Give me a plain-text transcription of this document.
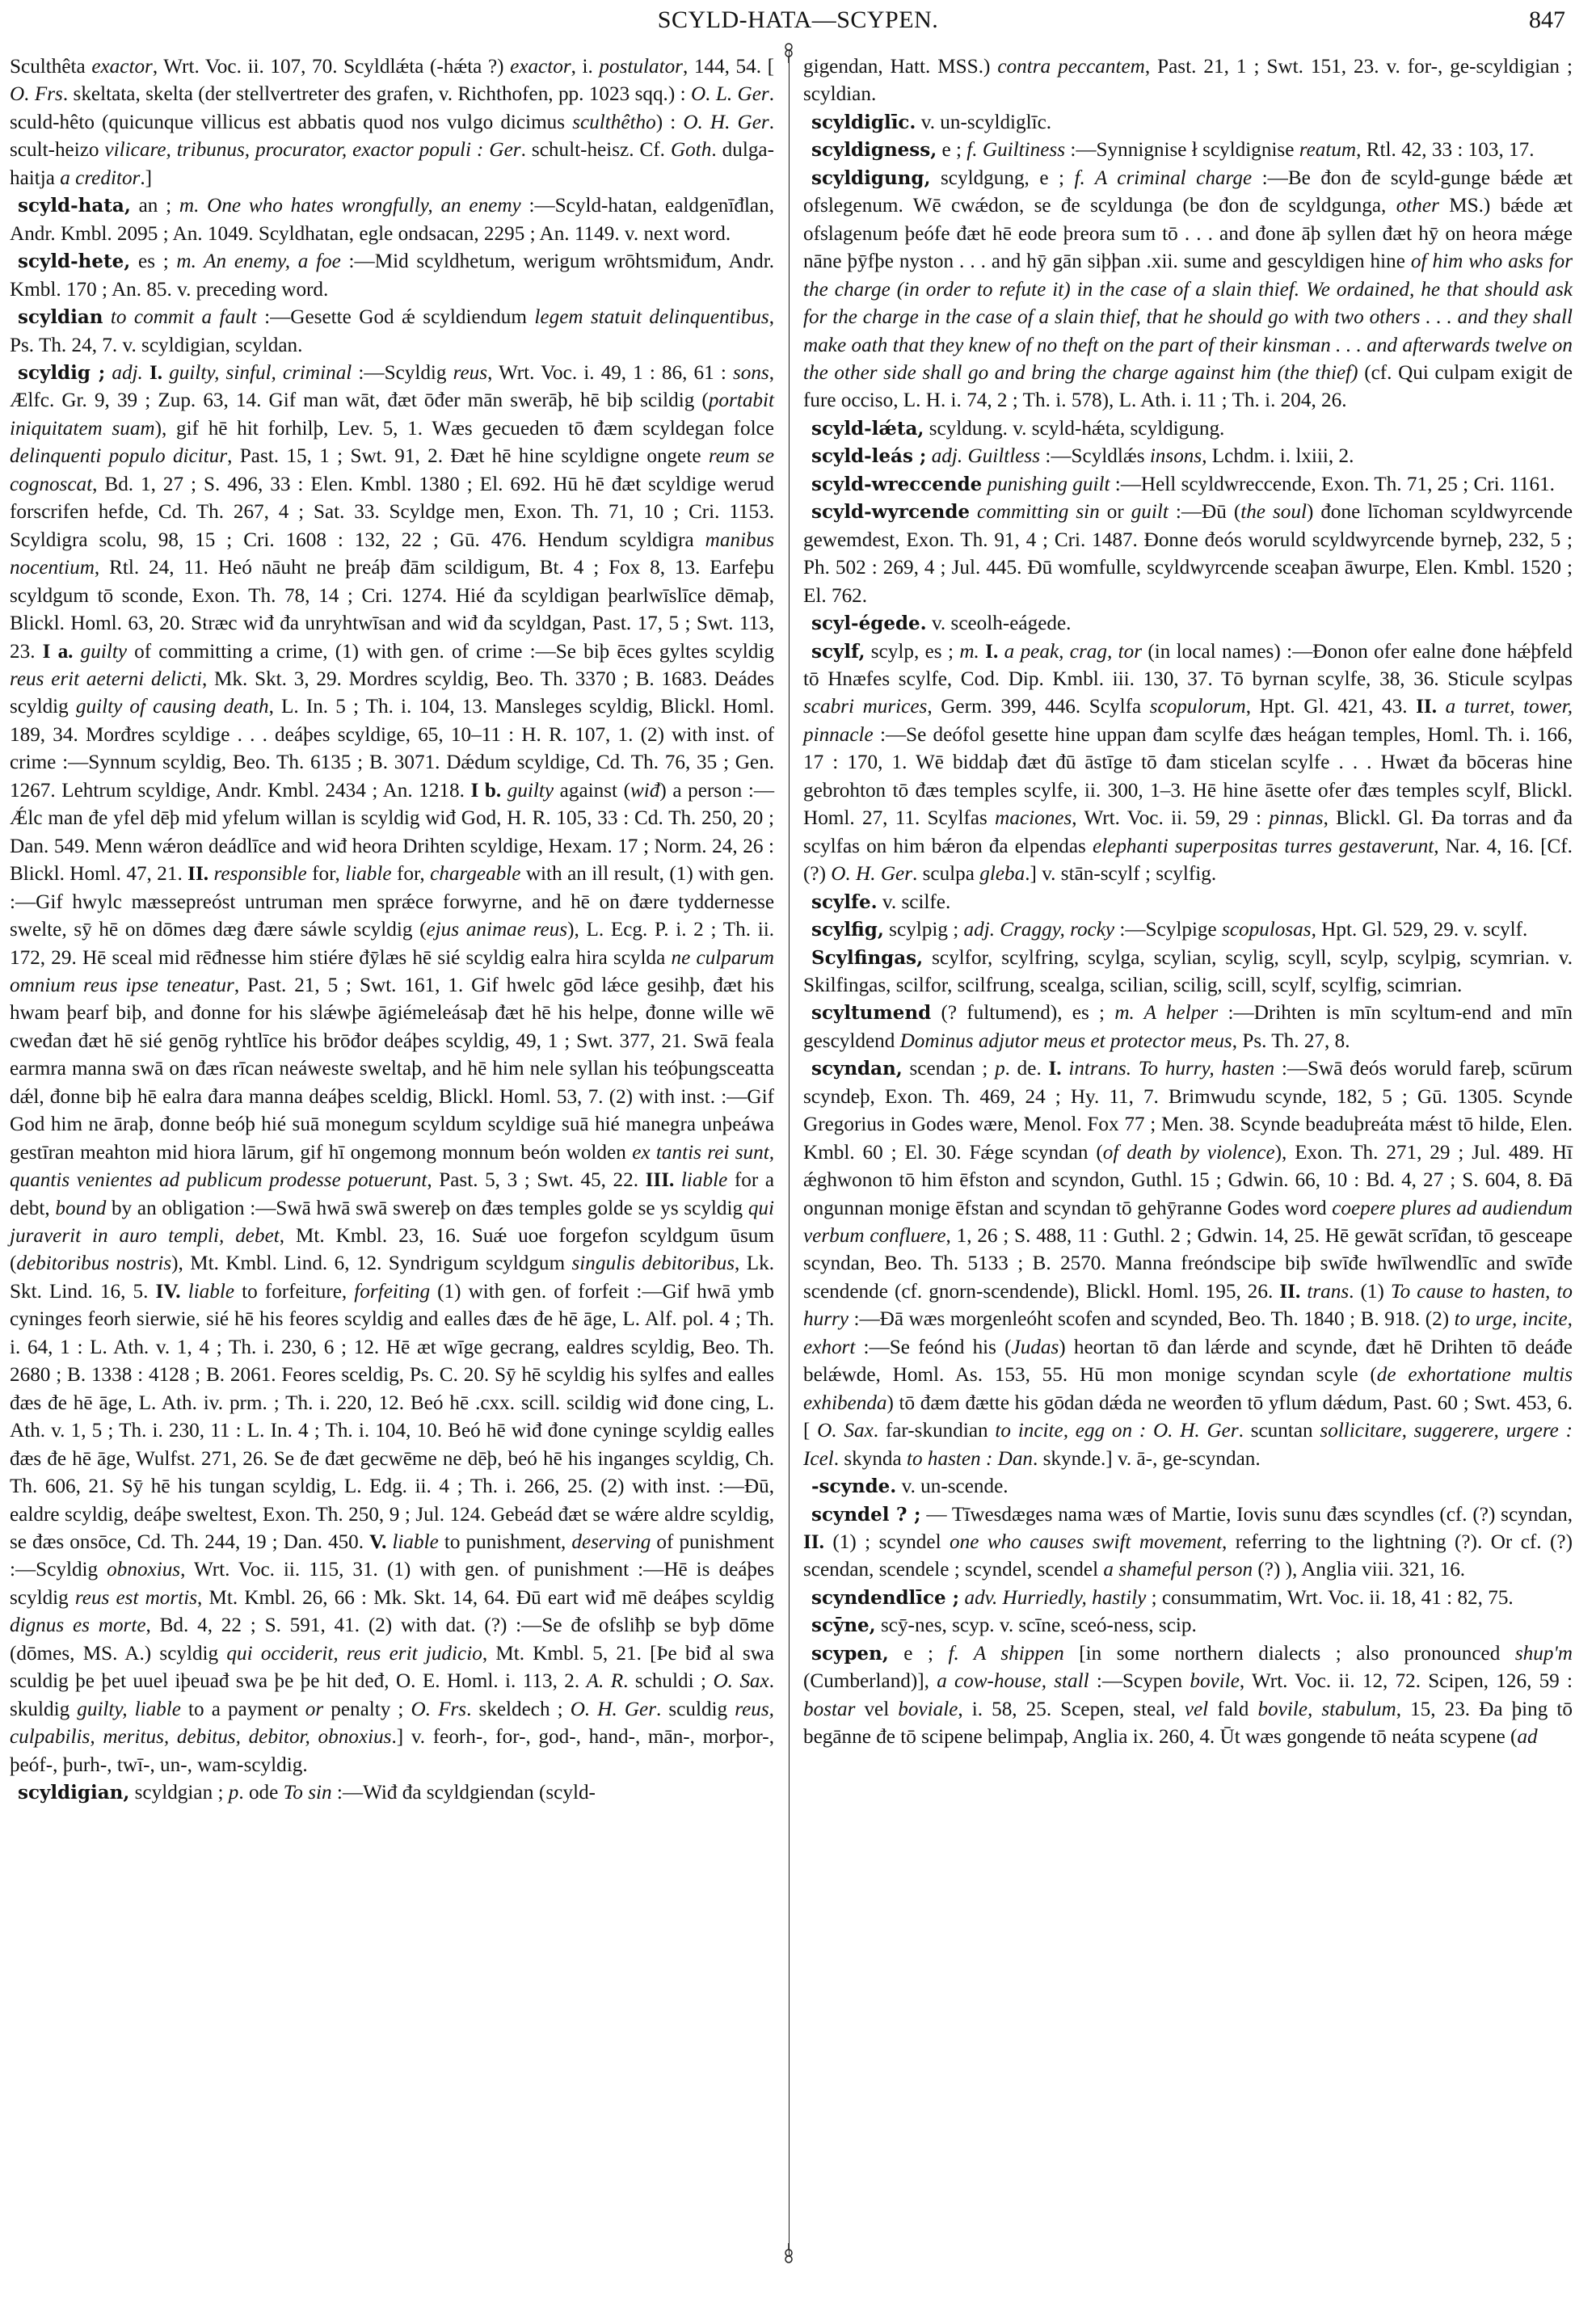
SCYLD-HATA—SCYPEN.	847

Sculthêta exactor, Wrt. Voc. ii. 107, 70. Scyldlǽta (-hǽta ?) exactor, i. postulator, 144, 54. [ O. Frs. skeltata, skelta (der stellvertreter des grafen, v. Richthofen, pp. 1023 sqq.) : O. L. Ger. sculd-hêto (quicunque villicus est abbatis quod nos vulgo dicimus sculthêtho) : O. H. Ger. scult-heizo vilicare, tribunus, procurator, exactor populi : Ger. schult-heisz. Cf. Goth. dulga-haitja a creditor.]

scyld-hata, an ; m. One who hates wrongfully, an enemy :—Scyld-hatan, ealdgenīđlan, Andr. Kmbl. 2095 ; An. 1049. Scyldhatan, egle ondsacan, 2295 ; An. 1149. v. next word.

scyld-hete, es ; m. An enemy, a foe :—Mid scyldhetum, werigum wrōhtsmiđum, Andr. Kmbl. 170 ; An. 85. v. preceding word.

scyldian to commit a fault :—Gesette God ǽ scyldiendum legem statuit delinquentibus, Ps. Th. 24, 7. v. scyldigian, scyldan.

scyldig ; adj. I. guilty, sinful, criminal :—Scyldig reus, Wrt. Voc. i. 49, 1 : 86, 61 : sons, Ælfc. Gr. 9, 39 ; Zup. 63, 14. Gif man wāt, đæt ōđer mān swerāþ, hē biþ scildig (portabit iniquitatem suam), gif hē hit forhilþ, Lev. 5, 1. Wæs gecueden tō đæm scyldegan folce delinquenti populo dicitur, Past. 15, 1 ; Swt. 91, 2. Đæt hē hine scyldigne ongete reum se cognoscat, Bd. 1, 27 ; S. 496, 33 : Elen. Kmbl. 1380 ; El. 692. Hū hē đæt scyldige werud forscrifen hefde, Cd. Th. 267, 4 ; Sat. 33. Scyldge men, Exon. Th. 71, 10 ; Cri. 1153. Scyldigra scolu, 98, 15 ; Cri. 1608 : 132, 22 ; Gū. 476. Hendum scyldigra manibus nocentium, Rtl. 24, 11. Heó nāuht ne þreáþ đām scildigum, Bt. 4 ; Fox 8, 13. Earfeþu scyldgum tō sconde, Exon. Th. 78, 14 ; Cri. 1274. Hié đa scyldigan þearlwīslīce dēmaþ, Blickl. Homl. 63, 20. Stræc wiđ đa unryhtwīsan and wiđ đa scyldgan, Past. 17, 5 ; Swt. 113, 23. I a. guilty of committing a crime, (1) with gen. of crime :—Se biþ ēces gyltes scyldig reus erit aeterni delicti, Mk. Skt. 3, 29. Mordres scyldig, Beo. Th. 3370 ; B. 1683. Deádes scyldig guilty of causing death, L. In. 5 ; Th. i. 104, 13. Mansleges scyldig, Blickl. Homl. 189, 34. Morđres scyldige . . . deáþes scyldige, 65, 10–11 : H. R. 107, 1. (2) with inst. of crime :—Synnum scyldig, Beo. Th. 6135 ; B. 3071. Dǽdum scyldige, Cd. Th. 76, 35 ; Gen. 1267. Lehtrum scyldige, Andr. Kmbl. 2434 ; An. 1218. I b. guilty against (wiđ) a person :—Ǽlc man đe yfel dēþ mid yfelum willan is scyldig wiđ God, H. R. 105, 33 : Cd. Th. 250, 20 ; Dan. 549. Menn wǽron deádlīce and wiđ heora Drihten scyldige, Hexam. 17 ; Norm. 24, 26 : Blickl. Homl. 47, 21. II. responsible for, liable for, chargeable with an ill result, (1) with gen. :—Gif hwylc mæssepreóst untruman men sprǽce forwyrne, and hē on đære tyddernesse swelte, sȳ hē on dōmes dæg đære sáwle scyldig (ejus animae reus), L. Ecg. P. i. 2 ; Th. ii. 172, 29. Hē sceal mid rēđnesse him stiére đȳlæs hē sié scyldig ealra hira scylda ne culparum omnium reus ipse teneatur, Past. 21, 5 ; Swt. 161, 1. Gif hwelc gōd lǽce gesihþ, đæt his hwam þearf biþ, and đonne for his slǽwþe āgiémeleásaþ đæt hē his helpe, đonne wille wē cweđan đæt hē sié genōg ryhtlīce his brōđor deáþes scyldig, 49, 1 ; Swt. 377, 21. Swā feala earmra manna swā on đæs rīcan neáweste sweltaþ, and hē him nele syllan his teóþungsceatta dǽl, đonne biþ hē ealra đara manna deáþes sceldig, Blickl. Homl. 53, 7. (2) with inst. :—Gif God him ne āraþ, đonne beóþ hié suā monegum scyldum scyldige suā hié manegra unþeáwa gestīran meahton mid hiora lārum, gif hī ongemong monnum beón wolden ex tantis rei sunt, quantis venientes ad publicum prodesse potuerunt, Past. 5, 3 ; Swt. 45, 22. III. liable for a debt, bound by an obligation :—Swā hwā swā swereþ on đæs temples golde se ys scyldig qui juraverit in auro templi, debet, Mt. Kmbl. 23, 16. Suǽ uoe forgefon scyldgum ūsum (debitoribus nostris), Mt. Kmbl. Lind. 6, 12. Syndrigum scyldgum singulis debitoribus, Lk. Skt. Lind. 16, 5. IV. liable to forfeiture, forfeiting (1) with gen. of forfeit :—Gif hwā ymb cyninges feorh sierwie, sié hē his feores scyldig and ealles đæs đe hē āge, L. Alf. pol. 4 ; Th. i. 64, 1 : L. Ath. v. 1, 4 ; Th. i. 230, 6 ; 12. Hē æt wīge gecrang, ealdres scyldig, Beo. Th. 2680 ; B. 1338 : 4128 ; B. 2061. Feores sceldig, Ps. C. 20. Sȳ hē scyldig his sylfes and ealles đæs đe hē āge, L. Ath. iv. prm. ; Th. i. 220, 12. Beó hē .cxx. scill. scildig wiđ đone cing, L. Ath. v. 1, 5 ; Th. i. 230, 11 : L. In. 4 ; Th. i. 104, 10. Beó hē wiđ đone cyninge scyldig ealles đæs đe hē āge, Wulfst. 271, 26. Se đe đæt gecwēme ne dēþ, beó hē his inganges scyldig, Ch. Th. 606, 21. Sȳ hē his tungan scyldig, L. Edg. ii. 4 ; Th. i. 266, 25. (2) with inst. :—Đū, ealdre scyldig, deáþe sweltest, Exon. Th. 250, 9 ; Jul. 124. Gebeád đæt se wǽre aldre scyldig, se đæs onsōce, Cd. Th. 244, 19 ; Dan. 450. V. liable to punishment, deserving of punishment :—Scyldig obnoxius, Wrt. Voc. ii. 115, 31. (1) with gen. of punishment :—Hē is deáþes scyldig reus est mortis, Mt. Kmbl. 26, 66 : Mk. Skt. 14, 64. Đū eart wiđ mē deáþes scyldig dignus es morte, Bd. 4, 22 ; S. 591, 41. (2) with dat. (?) :—Se đe ofsliħþ se byþ dōme (dōmes, MS. A.) scyldig qui occiderit, reus erit judicio, Mt. Kmbl. 5, 21. [Þe biđ al swa sculdig þe þet uuel iþeuađ swa þe þe hit deđ, O. E. Homl. i. 113, 2. A. R. schuldi ; O. Sax. skuldig guilty, liable to a payment or penalty ; O. Frs. skeldech ; O. H. Ger. sculdig reus, culpabilis, meritus, debitus, debitor, obnoxius.] v. feorh-, for-, god-, hand-, mān-, morþor-, þeóf-, þurh-, twī-, un-, wam-scyldig.

scyldigian, scyldgian ; p. ode To sin :—Wiđ đa scyldgiendan (scyld-

gigendan, Hatt. MSS.) contra peccantem, Past. 21, 1 ; Swt. 151, 23. v. for-, ge-scyldigian ; scyldian.

scyldiglīc. v. un-scyldiglīc.

scyldigness, e ; f. Guiltiness :—Synnignise ł scyldignise reatum, Rtl. 42, 33 : 103, 17.

scyldigung, scyldgung, e ; f. A criminal charge :—Be đon đe scyld-gunge bǽde æt ofslegenum. Wē cwǽdon, se đe scyldunga (be đon đe scyldgunga, other MS.) bǽde æt ofslagenum þeófe đæt hē eode þreora sum tō . . . and đone āþ syllen đæt hȳ on heora mǽge nāne þȳfþe nyston . . . and hȳ gān siþþan .xii. sume and gescyldigen hine of him who asks for the charge (in order to refute it) in the case of a slain thief. We ordained, he that should ask for the charge in the case of a slain thief, that he should go with two others . . . and they shall make oath that they knew of no theft on the part of their kinsman . . . and afterwards twelve on the other side shall go and bring the charge against him (the thief) (cf. Qui culpam exigit de fure occiso, L. H. i. 74, 2 ; Th. i. 578), L. Ath. i. 11 ; Th. i. 204, 26.

scyld-lǽta, scyldung. v. scyld-hǽta, scyldigung.

scyld-leás ; adj. Guiltless :—Scyldlǽs insons, Lchdm. i. lxiii, 2.

scyld-wreccende punishing guilt :—Hell scyldwreccende, Exon. Th. 71, 25 ; Cri. 1161.

scyld-wyrcende committing sin or guilt :—Đū (the soul) đone līchoman scyldwyrcende gewemdest, Exon. Th. 91, 4 ; Cri. 1487. Đonne đeós woruld scyldwyrcende byrneþ, 232, 5 ; Ph. 502 : 269, 4 ; Jul. 445. Đū womfulle, scyldwyrcende sceaþan āwurpe, Elen. Kmbl. 1520 ; El. 762.

scyl-égede. v. sceolh-eágede.

scylf, scylp, es ; m. I. a peak, crag, tor (in local names) :—Đonon ofer ealne đone hǽþfeld tō Hnæfes scylfe, Cod. Dip. Kmbl. iii. 130, 37. Tō byrnan scylfe, 38, 36. Sticule scylpas scabri murices, Germ. 399, 446. Scylfa scopulorum, Hpt. Gl. 421, 43. II. a turret, tower, pinnacle :—Se deófol gesette hine uppan đam scylfe đæs heágan temples, Homl. Th. i. 166, 17 : 170, 1. Wē biddaþ đæt đū āstīge tō đam sticelan scylfe . . . Hwæt đa bōceras hine gebrohton tō đæs temples scylfe, ii. 300, 1–3. Hē hine āsette ofer đæs temples scylf, Blickl. Homl. 27, 11. Scylfas maciones, Wrt. Voc. ii. 59, 29 : pinnas, Blickl. Gl. Đa torras and đa scylfas on him bǽron đa elpendas elephanti superpositas turres gestaverunt, Nar. 4, 16. [Cf. (?) O. H. Ger. sculpa gleba.] v. stān-scylf ; scylfig.

scylfe. v. scilfe.

scylfig, scylpig ; adj. Craggy, rocky :—Scylpige scopulosas, Hpt. Gl. 529, 29. v. scylf.

Scylfingas, scylfor, scylfring, scylga, scylian, scylig, scyll, scylp, scylpig, scymrian. v. Skilfingas, scilfor, scilfrung, scealga, scilian, scilig, scill, scylf, scylfig, scimrian.

scyltumend (? fultumend), es ; m. A helper :—Drihten is mīn scyltum-end and mīn gescyldend Dominus adjutor meus et protector meus, Ps. Th. 27, 8.

scyndan, scendan ; p. de. I. intrans. To hurry, hasten :—Swā đeós woruld fareþ, scūrum scyndeþ, Exon. Th. 469, 24 ; Hy. 11, 7. Brimwudu scynde, 182, 5 ; Gū. 1305. Scynde Gregorius in Godes wære, Menol. Fox 77 ; Men. 38. Scynde beaduþreáta mǽst tō hilde, Elen. Kmbl. 60 ; El. 30. Fǽge scyndan (of death by violence), Exon. Th. 271, 29 ; Jul. 489. Hī ǽghwonon tō him ēfston and scyndon, Guthl. 15 ; Gdwin. 66, 10 : Bd. 4, 27 ; S. 604, 8. Đā ongunnan monige ēfstan and scyndan tō gehȳranne Godes word coepere plures ad audiendum verbum confluere, 1, 26 ; S. 488, 11 : Guthl. 2 ; Gdwin. 14, 25. Hē gewāt scrīđan, tō gesceape scyndan, Beo. Th. 5133 ; B. 2570. Manna freóndscipe biþ swīđe hwīlwendlīc and swīđe scendende (cf. gnorn-scendende), Blickl. Homl. 195, 26. II. trans. (1) To cause to hasten, to hurry :—Đā wæs morgenleóht scofen and scynded, Beo. Th. 1840 ; B. 918. (2) to urge, incite, exhort :—Se feónd his (Judas) heortan tō đan lǽrde and scynde, đæt hē Drihten tō deáđe belǽwde, Homl. As. 153, 55. Hū mon monige scyndan scyle (de exhortatione multis exhibenda) tō đæm đætte his gōdan dǽda ne weorđen tō yflum dǽdum, Past. 60 ; Swt. 453, 6. [ O. Sax. far-skundian to incite, egg on : O. H. Ger. scuntan sollicitare, suggerere, urgere : Icel. skynda to hasten : Dan. skynde.] v. ā-, ge-scyndan.

-scynde. v. un-scende.

scyndel ? ; — Tīwesdæges nama wæs of Martie, Iovis sunu đæs scyndles (cf. (?) scyndan, II. (1) ; scyndel one who causes swift movement, referring to the lightning (?). Or cf. (?) scendan, scendele ; scyndel, scendel a shameful person (?) ), Anglia viii. 321, 16.

scyndendlīce ; adv. Hurriedly, hastily ; consummatim, Wrt. Voc. ii. 18, 41 : 82, 75.

scȳne, scȳ-nes, scyp. v. scīne, sceó-ness, scip.

scypen, e ; f. A shippen [in some northern dialects ; also pronounced shup'm (Cumberland)], a cow-house, stall :—Scypen bovile, Wrt. Voc. ii. 12, 72. Scipen, 126, 59 : bostar vel boviale, i. 58, 25. Scepen, steal, vel fald bovile, stabulum, 15, 23. Đa þing tō begānne đe tō scipene belimpaþ, Anglia ix. 260, 4. Ūt wæs gongende tō neáta scypene (ad
